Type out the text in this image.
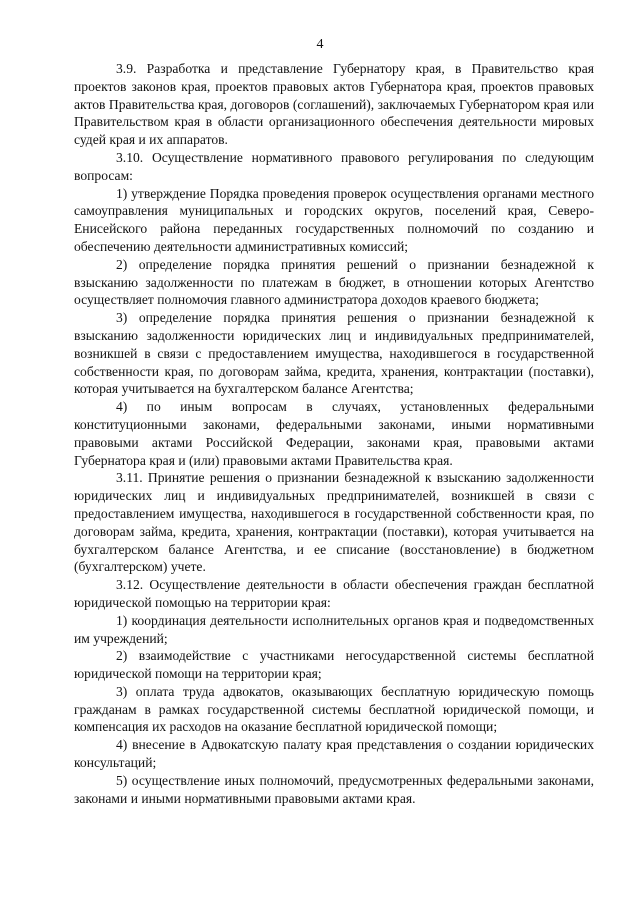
4

3.9. Разработка и представление Губернатору края, в Правительство края проектов законов края, проектов правовых актов Губернатора края, проектов правовых актов Правительства края, договоров (соглашений), заключаемых Губернатором края или Правительством края в области организационного обеспечения деятельности мировых судей края и их аппаратов.

3.10. Осуществление нормативного правового регулирования по следующим вопросам:

1) утверждение Порядка проведения проверок осуществления органами местного самоуправления муниципальных и городских округов, поселений края, Северо-Енисейского района переданных государственных полномочий по созданию и обеспечению деятельности административных комиссий;

2) определение порядка принятия решений о признании безнадежной к взысканию задолженности по платежам в бюджет, в отношении которых Агентство осуществляет полномочия главного администратора доходов краевого бюджета;

3) определение порядка принятия решения о признании безнадежной к взысканию задолженности юридических лиц и индивидуальных предпринимателей, возникшей в связи с предоставлением имущества, находившегося в государственной собственности края, по договорам займа, кредита, хранения, контрактации (поставки), которая учитывается на бухгалтерском балансе Агентства;

4) по иным вопросам в случаях, установленных федеральными конституционными законами, федеральными законами, иными нормативными правовыми актами Российской Федерации, законами края, правовыми актами Губернатора края и (или) правовыми актами Правительства края.

3.11. Принятие решения о признании безнадежной к взысканию задолженности юридических лиц и индивидуальных предпринимателей, возникшей в связи с предоставлением имущества, находившегося в государственной собственности края, по договорам займа, кредита, хранения, контрактации (поставки), которая учитывается на бухгалтерском балансе Агентства, и ее списание (восстановление) в бюджетном (бухгалтерском) учете.

3.12. Осуществление деятельности в области обеспечения граждан бесплатной юридической помощью на территории края:

1) координация деятельности исполнительных органов края и подведомственных им учреждений;

2) взаимодействие с участниками негосударственной системы бесплатной юридической помощи на территории края;

3) оплата труда адвокатов, оказывающих бесплатную юридическую помощь гражданам в рамках государственной системы бесплатной юридической помощи, и компенсация их расходов на оказание бесплатной юридической помощи;

4) внесение в Адвокатскую палату края представления о создании юридических консультаций;

5) осуществление иных полномочий, предусмотренных федеральными законами, законами и иными нормативными правовыми актами края.
